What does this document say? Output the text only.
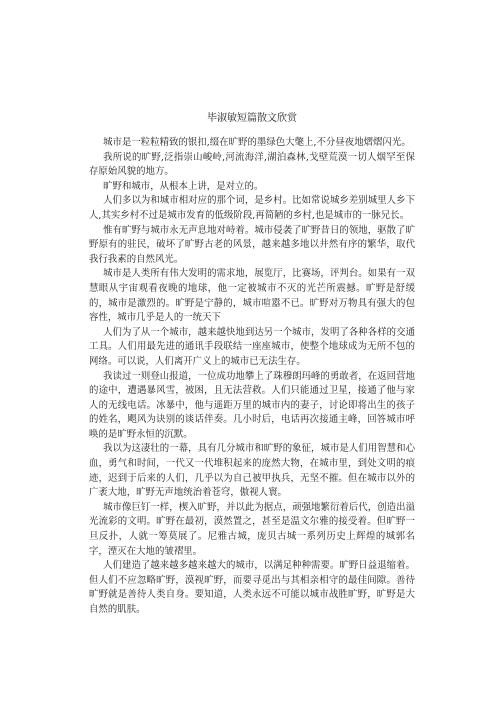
毕淑敏短篇散文欣赏

城市是一粒粒精致的银扣,缀在旷野的墨绿色大氅上,不分昼夜地熠熠闪光。

我所说的旷野,泛指崇山峻岭,河流海洋,湖泊森林,戈壁荒漠一切人烟罕至保存原始风貌的地方。

旷野和城市，从根本上讲，是对立的。

人们多以为和城市相对应的那个词，是乡村。比如常说城乡差别城里人乡下人,其实乡村不过是城市发育的低级阶段,再简陋的乡村,也是城市的一脉兄长。

惟有旷野与城市永无声息地对峙着。城市侵袭了旷野昔日的领地，驱散了旷野原有的驻民，破坏了旷野古老的风景，越来越多地以井然有序的繁华，取代我行我素的自然风光。

城市是人类所有伟大发明的需求地，展览厅，比赛场，评判台。如果有一双慧眼从宇宙观看夜晚的地球，他一定被城市不灭的光芒所震撼。旷野是舒缓的，城市是激烈的。旷野是宁静的，城市喧嚣不已。旷野对万物具有强大的包容性，城市几乎是人的一统天下

人们为了从一个城市，越来越快地到达另一个城市，发明了各种各样的交通工具。人们用最先进的通讯手段联结一座座城市，使整个地球成为无所不包的网络。可以说，人们离开广义上的城市已无法生存。

我读过一则登山报道，一位成功地攀上了珠穆朗玛峰的勇敢者，在返回营地的途中，遭遇暴风雪，被困，且无法营救。人们只能通过卫星，接通了他与家人的无线电话。冰暴中，他与遥距万里的城市内的妻子，讨论即将出生的孩子的姓名，飓风为诀别的谈话伴奏。几小时后，电话再次接通主峰，回答城市呼唤的是旷野永恒的沉默。

我以为这凄壮的一幕，具有几分城市和旷野的象征，城市是人们用智慧和心血，勇气和时间，一代又一代堆积起来的庞然大物，在城市里，到处文明的痕迹，迟到于后来的人们，几乎以为自己被甲执兵，无坚不摧。但在城市以外的广袤大地，旷野无声地统治着苍穹，傲视人寰。

城市像巨钉一样，楔入旷野，并以此为据点，顽强地繁衍着后代，创造出溢光流彩的文明。旷野在最初，漠然置之，甚至是温文尔雅的接受着。但旷野一旦反扑，人就一筹莫展了。尼雅古城，庞贝古城一系列历史上辉煌的城郭名字，湮灭在大地的皱褶里。

人们建造了越来越多越来越大的城市，以满足种种需要。旷野日益退缩着。但人们不应忽略旷野，漠视旷野，而要寻觅出与其相亲相守的最佳间隙。善待旷野就是善待人类自身。要知道，人类永远不可能以城市战胜旷野，旷野是大自然的肌肤。
